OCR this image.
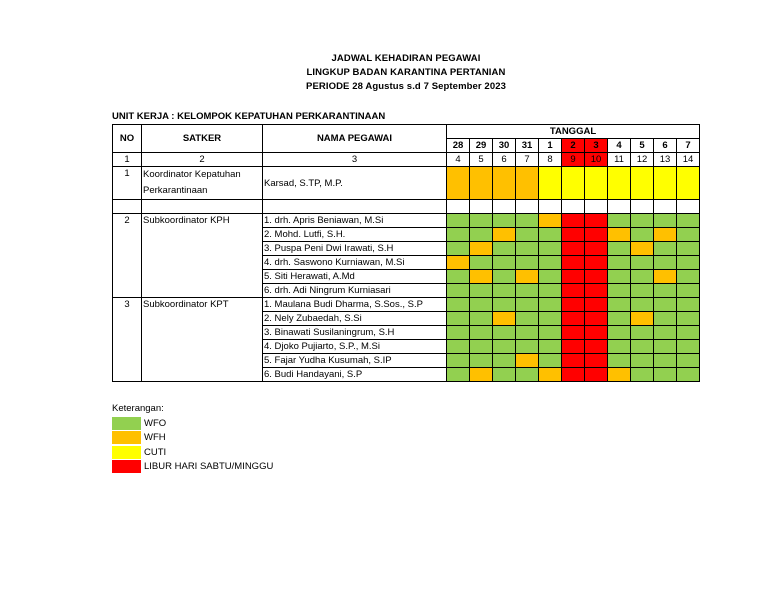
JADWAL KEHADIRAN PEGAWAI
LINGKUP BADAN KARANTINA PERTANIAN
PERIODE 28 Agustus s.d 7 September 2023
UNIT KERJA : KELOMPOK KEPATUHAN PERKARANTINAAN
NO	SATKER	NAMA PEGAWAI	TANGGAL										
			28	29	30	31	1	2	3	4	5	6	7
1	2	3	4	5	6	7	8	9	10	11	12	13	14
1	Koordinator Kepatuhan Perkarantinaan	Karsad, S.TP, M.P.											

2	Subkoordinator KPH	1. drh. Apris Beniawan, M.Si											
		2. Mohd. Lutfi, S.H.											
		3. Puspa Peni Dwi Irawati, S.H											
		4. drh. Saswono Kurniawan, M.Si											
		5. Siti Herawati, A.Md											
		6. drh. Adi Ningrum Kurniasari											
3	Subkoordinator KPT	1. Maulana Budi Dharma, S.Sos., S.P											
		2. Nely Zubaedah, S.Si											
		3. Binawati Susilaningrum, S.H											
		4. Djoko Pujiarto, S.P., M.Si											
		5. Fajar Yudha Kusumah, S.IP											
		6. Budi Handayani, S.P											
Keterangan:
WFO
WFH
CUTI
LIBUR HARI SABTU/MINGGU
